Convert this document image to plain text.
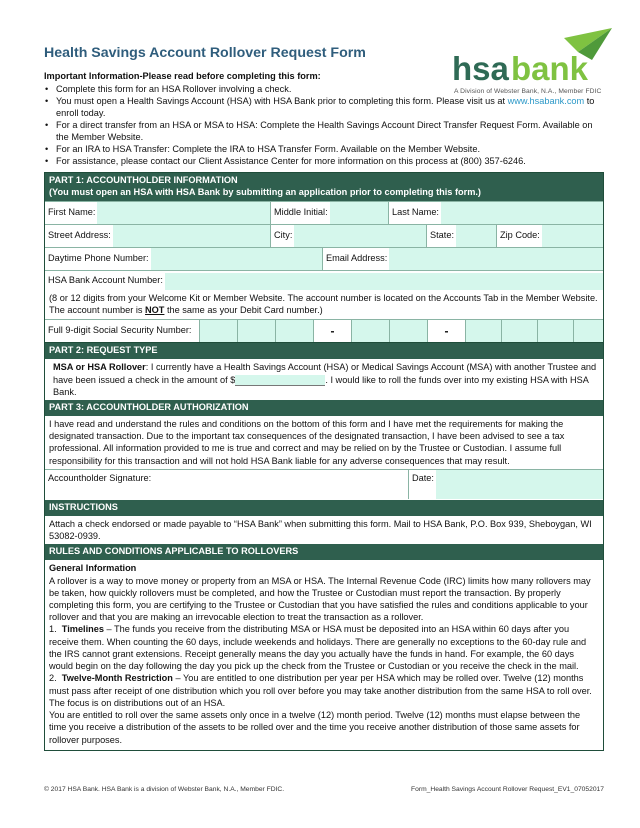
Health Savings Account Rollover Request Form	hsa bank
A Division of Webster Bank, N.A., Member FDIC
Important Information-Please read before completing this form:
• Complete this form for an HSA Rollover involving a check.
• You must open a Health Savings Account (HSA) with HSA Bank prior to completing this form. Please visit us at www.hsabank.com to enroll today.
• For a direct transfer from an HSA or MSA to HSA: Complete the Health Savings Account Direct Transfer Request Form. Available on the Member Website.
• For an IRA to HSA Transfer: Complete the IRA to HSA Transfer Form. Available on the Member Website.
• For assistance, please contact our Client Assistance Center for more information on this process at (800) 357-6246.
PART 1: ACCOUNTHOLDER INFORMATION
(You must open an HSA with HSA Bank by submitting an application prior to completing this form.)
First Name:	Middle Initial:	Last Name:
Street Address:	City:	State:	Zip Code:
Daytime Phone Number:	Email Address:
HSA Bank Account Number:
(8 or 12 digits from your Welcome Kit or Member Website. The account number is located on the Accounts Tab in the Member Website. The account number is NOT the same as your Debit Card number.)
Full 9-digit Social Security Number:	-	-
PART 2: REQUEST TYPE
MSA or HSA Rollover: I currently have a Health Savings Account (HSA) or Medical Savings Account (MSA) with another Trustee and have been issued a check in the amount of $	. I would like to roll the funds over into my existing HSA with HSA Bank.
PART 3: ACCOUNTHOLDER AUTHORIZATION
I have read and understand the rules and conditions on the bottom of this form and I have met the requirements for making the designated transaction. Due to the important tax consequences of the designated transaction, I have been advised to see a tax professional. All information provided to me is true and correct and may be relied on by the Trustee or Custodian. I assume full responsibility for this transaction and will not hold HSA Bank liable for any adverse consequences that may result.
Accountholder Signature:	Date:
INSTRUCTIONS
Attach a check endorsed or made payable to “HSA Bank” when submitting this form. Mail to HSA Bank, P.O. Box 939, Sheboygan, WI 53082-0939.
RULES AND CONDITIONS APPLICABLE TO ROLLOVERS
General Information
A rollover is a way to move money or property from an MSA or HSA. The Internal Revenue Code (IRC) limits how many rollovers may be taken, how quickly rollovers must be completed, and how the Trustee or Custodian must report the transaction. By properly completing this form, you are certifying to the Trustee or Custodian that you have satisfied the rules and conditions applicable to your rollover and that you are making an irrevocable election to treat the transaction as a rollover.
1. Timelines – The funds you receive from the distributing MSA or HSA must be deposited into an HSA within 60 days after you receive them. When counting the 60 days, include weekends and holidays. There are generally no exceptions to the 60-day rule and the IRS cannot grant extensions. Receipt generally means the day you actually have the funds in hand. For example, the 60 days would begin on the day following the day you pick up the check from the Trustee or Custodian or you receive the check in the mail.
2. Twelve-Month Restriction – You are entitled to one distribution per year per HSA which may be rolled over. Twelve (12) months must pass after receipt of one distribution which you roll over before you may take another distribution from the same HSA to roll over. The focus is on distributions out of an HSA.
You are entitled to roll over the same assets only once in a twelve (12) month period. Twelve (12) months must elapse between the time you receive a distribution of the assets to be rolled over and the time you receive another distribution of those same assets for rollover purposes.
© 2017 HSA Bank. HSA Bank is a division of Webster Bank, N.A., Member FDIC.	Form_Health Savings Account Rollover Request_EV1_07052017
